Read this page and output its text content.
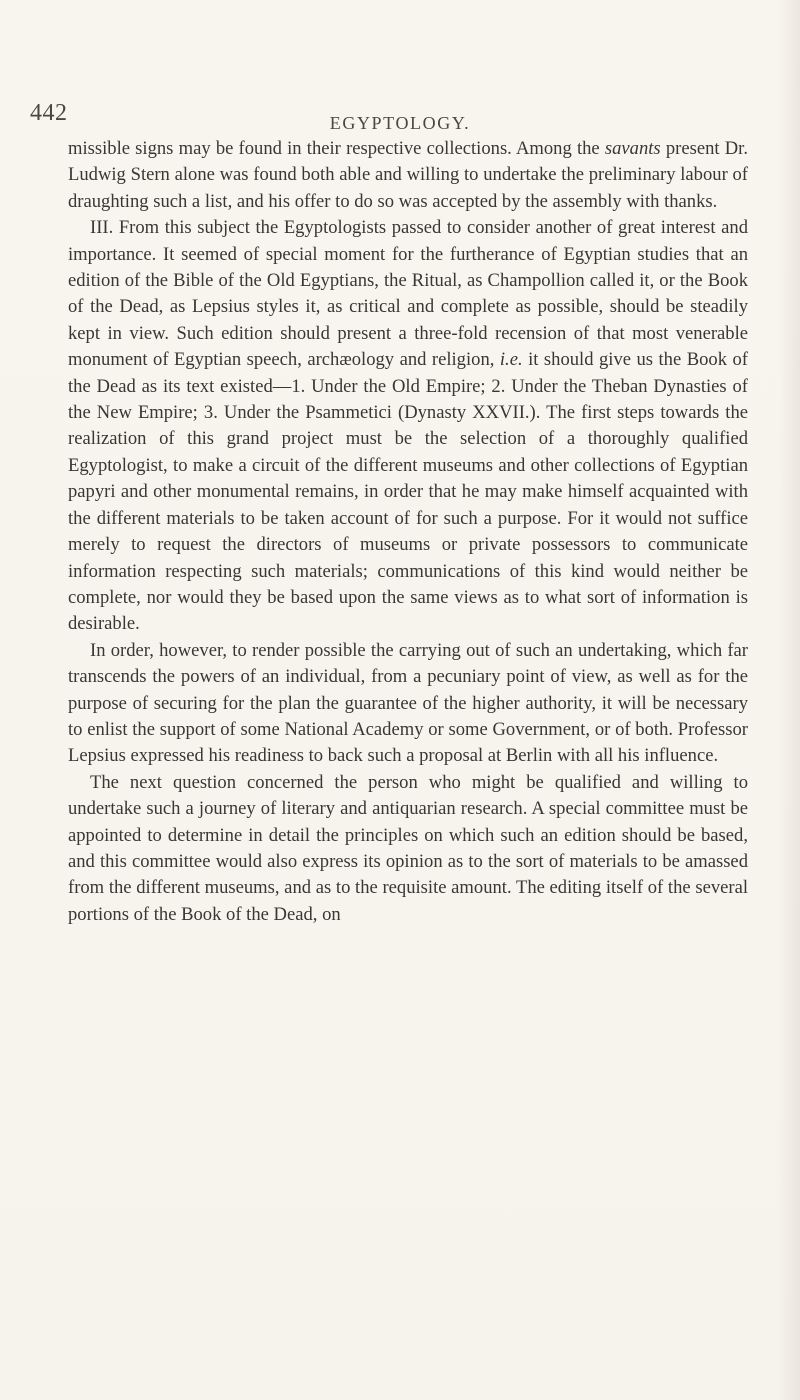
442	EGYPTOLOGY.

missible signs may be found in their respective collections. Among the savants present Dr. Ludwig Stern alone was found both able and willing to undertake the preliminary labour of draughting such a list, and his offer to do so was accepted by the assembly with thanks.

III. From this subject the Egyptologists passed to consider another of great interest and importance. It seemed of special moment for the furtherance of Egyptian studies that an edition of the Bible of the Old Egyptians, the Ritual, as Champollion called it, or the Book of the Dead, as Lepsius styles it, as critical and complete as possible, should be steadily kept in view. Such edition should present a three-fold recension of that most venerable monument of Egyptian speech, archæology and religion, i.e. it should give us the Book of the Dead as its text existed—1. Under the Old Empire; 2. Under the Theban Dynasties of the New Empire; 3. Under the Psammetici (Dynasty XXVII.). The first steps towards the realization of this grand project must be the selection of a thoroughly qualified Egyptologist, to make a circuit of the different museums and other collections of Egyptian papyri and other monumental remains, in order that he may make himself acquainted with the different materials to be taken account of for such a purpose. For it would not suffice merely to request the directors of museums or private possessors to communicate information respecting such materials; communications of this kind would neither be complete, nor would they be based upon the same views as to what sort of information is desirable.

In order, however, to render possible the carrying out of such an undertaking, which far transcends the powers of an individual, from a pecuniary point of view, as well as for the purpose of securing for the plan the guarantee of the higher authority, it will be necessary to enlist the support of some National Academy or some Government, or of both. Professor Lepsius expressed his readiness to back such a proposal at Berlin with all his influence.

The next question concerned the person who might be qualified and willing to undertake such a journey of literary and antiquarian research. A special committee must be appointed to determine in detail the principles on which such an edition should be based, and this committee would also express its opinion as to the sort of materials to be amassed from the different museums, and as to the requisite amount. The editing itself of the several portions of the Book of the Dead, on
